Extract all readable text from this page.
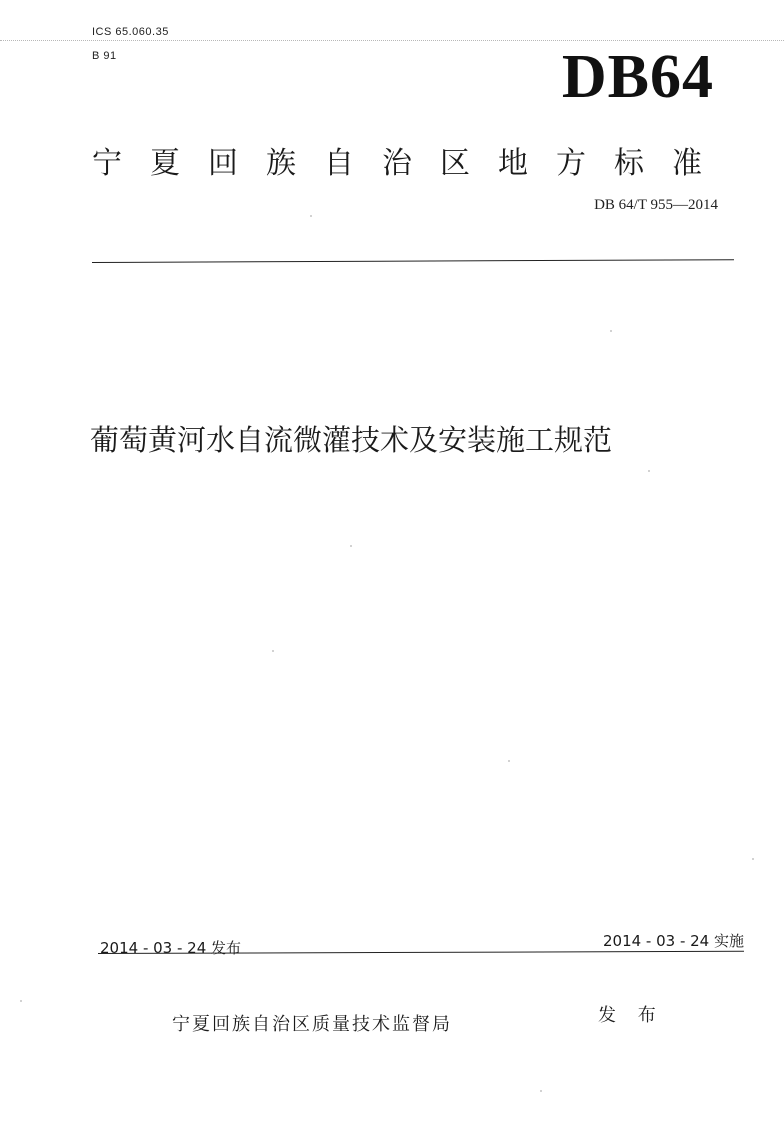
ICS 65.060.35
B 91	DB64
宁夏回族自治区地方标准
DB 64/T 955—2014
葡萄黄河水自流微灌技术及安装施工规范
2014 - 03 - 24 发布	2014 - 03 - 24 实施
宁夏回族自治区质量技术监督局	发 布
